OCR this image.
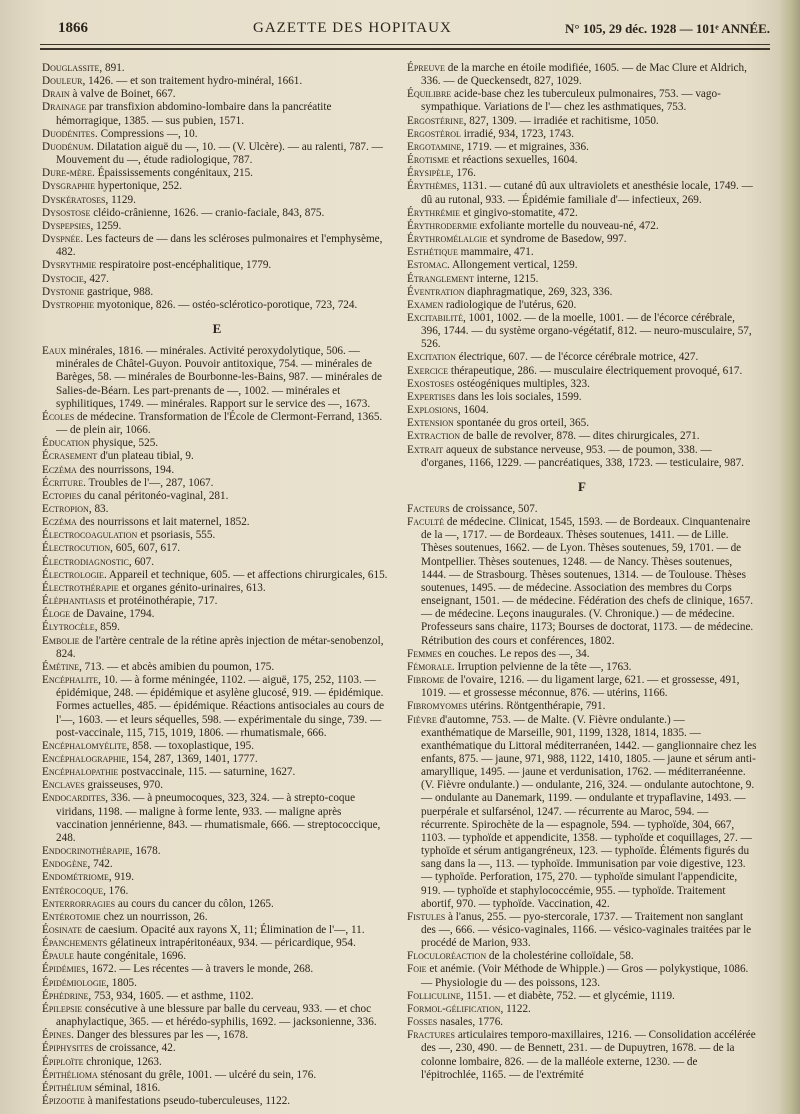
1866	GAZETTE DES HOPITAUX	N° 105, 29 déc. 1928 — 101ᵉ ANNÉE.

Douglassite, 891.

Douleur, 1426. — et son traitement hydro-minéral, 1661.

Drain à valve de Boinet, 667.

Drainage par transfixion abdomino-lombaire dans la pancréatite hémorragique, 1385. — sus pubien, 1571.

Duodénites. Compressions —, 10.

Duodénum. Dilatation aiguë du —, 10. — (V. Ulcère). — au ralenti, 787. — Mouvement du —, étude radiologique, 787.

Dure-mère. Épaississements congénitaux, 215.

Dysgraphie hypertonique, 252.

Dyskératoses, 1129.

Dysostose cléido-crânienne, 1626. — cranio-faciale, 843, 875.

Dyspepsies, 1259.

Dyspnée. Les facteurs de — dans les scléroses pulmonaires et l'emphysème, 482.

Dysrythmie respiratoire post-encéphalitique, 1779.

Dystocie, 427.

Dystonie gastrique, 988.

Dystrophie myotonique, 826. — ostéo-sclérotico-porotique, 723, 724.

E

Eaux minérales, 1816. — minérales. Activité peroxydolytique, 506. — minérales de Châtel-Guyon. Pouvoir antitoxique, 754. — minérales de Barèges, 58. — minérales de Bourbonne-les-Bains, 987. — minérales de Salies-de-Béarn. Les part-prenants de —, 1002. — minérales et syphilitiques, 1749. — minérales. Rapport sur le service des —, 1673.

Écoles de médecine. Transformation de l'École de Clermont-Ferrand, 1365. — de plein air, 1066.

Éducation physique, 525.

Écrasement d'un plateau tibial, 9.

Eczéma des nourrissons, 194.

Écriture. Troubles de l'—, 287, 1067.

Ectopies du canal péritonéo-vaginal, 281.

Ectropion, 83.

Eczéma des nourrissons et lait maternel, 1852.

Électrocoagulation et psoriasis, 555.

Électrocution, 605, 607, 617.

Électrodiagnostic, 607.

Électrologie. Appareil et technique, 605. — et affections chirurgicales, 615.

Électrothérapie et organes génito-urinaires, 613.

Éléphantiasis et protéinothérapie, 717.

Éloge de Davaine, 1794.

Élytrocèle, 859.

Embolie de l'artère centrale de la rétine après injection de métar-senobenzol, 824.

Émétine, 713. — et abcès amibien du poumon, 175.

Encéphalite, 10. — à forme méningée, 1102. — aiguë, 175, 252, 1103. — épidémique, 248. — épidémique et asylène glucosé, 919. — épidémique. Formes actuelles, 485. — épidémique. Réactions antisociales au cours de l'—, 1603. — et leurs séquelles, 598. — expérimentale du singe, 739. — post-vaccinale, 115, 715, 1019, 1806. — rhumatismale, 666.

Encéphalomyélite, 858. — toxoplastique, 195.

Encéphalographie, 154, 287, 1369, 1401, 1777.

Encéphalopathie postvaccinale, 115. — saturnine, 1627.

Enclaves graisseuses, 970.

Endocardites, 336. — à pneumocoques, 323, 324. — à strepto-coque viridans, 1198. — maligne à forme lente, 933. — maligne après vaccination jennérienne, 843. — rhumatismale, 666. — streptococcique, 248.

Endocrinothérapie, 1678.

Endogène, 742.

Endométriome, 919.

Entérocoque, 176.

Enterrorragies au cours du cancer du côlon, 1265.

Entérotomie chez un nourrisson, 26.

Éosinate de caesium. Opacité aux rayons X, 11; Élimination de l'—, 11.

Épanchements gélatineux intrapéritonéaux, 934. — péricardique, 954.

Épaule haute congénitale, 1696.

Épidémies, 1672. — Les récentes — à travers le monde, 268.

Épidémiologie, 1805.

Éphédrine, 753, 934, 1605. — et asthme, 1102.

Épilepsie consécutive à une blessure par balle du cerveau, 933. — et choc anaphylactique, 365. — et hérédo-syphilis, 1692. — jacksonienne, 336.

Épines. Danger des blessures par les —, 1678.

Épiphysites de croissance, 42.

Épiploïte chronique, 1263.

Épithélioma sténosant du grêle, 1001. — ulcéré du sein, 176.

Épithélium séminal, 1816.

Épizootie à manifestations pseudo-tuberculeuses, 1122.

Épreuve de la marche en étoile modifiée, 1605. — de Mac Clure et Aldrich, 336. — de Queckensedt, 827, 1029.

Équilibre acide-base chez les tuberculeux pulmonaires, 753. — vago-sympathique. Variations de l'— chez les asthmatiques, 753.

Ergostérine, 827, 1309. — irradiée et rachitisme, 1050.

Ergostérol irradié, 934, 1723, 1743.

Ergotamine, 1719. — et migraines, 336.

Érotisme et réactions sexuelles, 1604.

Érysipèle, 176.

Érythèmes, 1131. — cutané dû aux ultraviolets et anesthésie locale, 1749. — dû au rutonal, 933. — Épidémie familiale d'— infectieux, 269.

Érythrémie et gingivo-stomatite, 472.

Érythrodermie exfoliante mortelle du nouveau-né, 472.

Érythromélalgie et syndrome de Basedow, 997.

Esthétique mammaire, 471.

Estomac. Allongement vertical, 1259.

Étranglement interne, 1215.

Éventration diaphragmatique, 269, 323, 336.

Examen radiologique de l'utérus, 620.

Excitabilité, 1001, 1002. — de la moelle, 1001. — de l'écorce cérébrale, 396, 1744. — du système organo-végétatif, 812. — neuro-musculaire, 57, 526.

Excitation électrique, 607. — de l'écorce cérébrale motrice, 427.

Exercice thérapeutique, 286. — musculaire électriquement provoqué, 617.

Exostoses ostéogéniques multiples, 323.

Expertises dans les lois sociales, 1599.

Explosions, 1604.

Extension spontanée du gros orteil, 365.

Extraction de balle de revolver, 878. — dites chirurgicales, 271.

Extrait aqueux de substance nerveuse, 953. — de poumon, 338. — d'organes, 1166, 1229. — pancréatiques, 338, 1723. — testiculaire, 987.

F

Facteurs de croissance, 507.

Faculté de médecine. Clinicat, 1545, 1593. — de Bordeaux. Cinquantenaire de la —, 1717. — de Bordeaux. Thèses soutenues, 1411. — de Lille. Thèses soutenues, 1662. — de Lyon. Thèses soutenues, 59, 1701. — de Montpellier. Thèses soutenues, 1248. — de Nancy. Thèses soutenues, 1444. — de Strasbourg. Thèses soutenues, 1314. — de Toulouse. Thèses soutenues, 1495. — de médecine. Association des membres du Corps enseignant, 1501. — de médecine. Fédération des chefs de clinique, 1657. — de médecine. Leçons inaugurales. (V. Chronique.) — de médecine. Professeurs sans chaire, 1173; Bourses de doctorat, 1173. — de médecine. Rétribution des cours et conférences, 1802.

Femmes en couches. Le repos des —, 34.

Fémorale. Irruption pelvienne de la tête —, 1763.

Fibrome de l'ovaire, 1216. — du ligament large, 621. — et grossesse, 491, 1019. — et grossesse méconnue, 876. — utérins, 1166.

Fibromyomes utérins. Röntgenthérapie, 791.

Fièvre d'automne, 753. — de Malte. (V. Fièvre ondulante.) — exanthématique de Marseille, 901, 1199, 1328, 1814, 1835. — exanthématique du Littoral méditerranéen, 1442. — ganglionnaire chez les enfants, 875. — jaune, 971, 988, 1122, 1410, 1805. — jaune et sérum anti-amaryllique, 1495. — jaune et verdunisation, 1762. — méditerranéenne. (V. Fièvre ondulante.) — ondulante, 216, 324. — ondulante autochtone, 9. — ondulante au Danemark, 1199. — ondulante et trypaflavine, 1493. — puerpérale et sulfarsénol, 1247. — récurrente au Maroc, 594. — récurrente. Spirochète de la — espagnole, 594. — typhoïde, 304, 667, 1103. — typhoïde et appendicite, 1358. — typhoïde et coquillages, 27. — typhoïde et sérum antigangréneux, 123. — typhoïde. Éléments figurés du sang dans la —, 113. — typhoïde. Immunisation par voie digestive, 123. — typhoïde. Perforation, 175, 270. — typhoïde simulant l'appendicite, 919. — typhoïde et staphylococcémie, 955. — typhoïde. Traitement abortif, 970. — typhoïde. Vaccination, 42.

Fistules à l'anus, 255. — pyo-stercorale, 1737. — Traitement non sanglant des —, 666. — vésico-vaginales, 1166. — vésico-vaginales traitées par le procédé de Marion, 933.

Floculoréaction de la cholestérine colloïdale, 58.

Foie et anémie. (Voir Méthode de Whipple.) — Gros — polykystique, 1086. — Physiologie du — des poissons, 123.

Folliculine, 1151. — et diabète, 752. — et glycémie, 1119.

Formol-gélification, 1122.

Fosses nasales, 1776.

Fractures articulaires temporo-maxillaires, 1216. — Consolidation accélérée des —, 230, 490. — de Bennett, 231. — de Dupuytren, 1678. — de la colonne lombaire, 826. — de la malléole externe, 1230. — de l'épitrochlée, 1165. — de l'extrémité
